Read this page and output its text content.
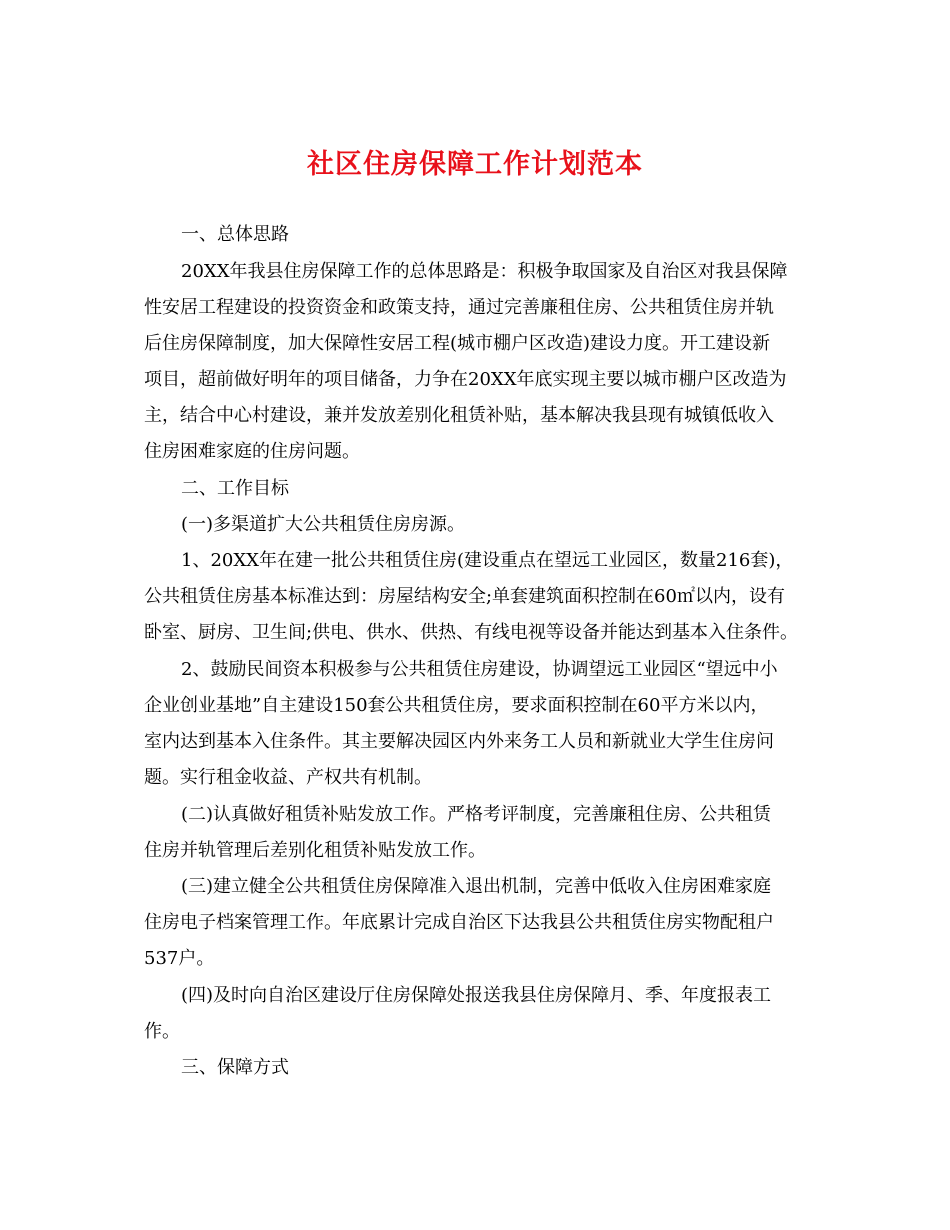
社区住房保障工作计划范本
一、总体思路
20XX年我县住房保障工作的总体思路是：积极争取国家及自治区对我县保障
性安居工程建设的投资资金和政策支持，通过完善廉租住房、公共租赁住房并轨
后住房保障制度，加大保障性安居工程(城市棚户区改造)建设力度。开工建设新
项目，超前做好明年的项目储备，力争在20XX年底实现主要以城市棚户区改造为
主，结合中心村建设，兼并发放差别化租赁补贴，基本解决我县现有城镇低收入
住房困难家庭的住房问题。
二、工作目标
(一)多渠道扩大公共租赁住房房源。
1、20XX年在建一批公共租赁住房(建设重点在望远工业园区，数量216套)，
公共租赁住房基本标准达到：房屋结构安全;单套建筑面积控制在60㎡以内，设有
卧室、厨房、卫生间;供电、供水、供热、有线电视等设备并能达到基本入住条件。
2、鼓励民间资本积极参与公共租赁住房建设，协调望远工业园区“望远中小
企业创业基地”自主建设150套公共租赁住房，要求面积控制在60平方米以内，
室内达到基本入住条件。其主要解决园区内外来务工人员和新就业大学生住房问
题。实行租金收益、产权共有机制。
(二)认真做好租赁补贴发放工作。严格考评制度，完善廉租住房、公共租赁
住房并轨管理后差别化租赁补贴发放工作。
(三)建立健全公共租赁住房保障准入退出机制，完善中低收入住房困难家庭
住房电子档案管理工作。年底累计完成自治区下达我县公共租赁住房实物配租户
537户。
(四)及时向自治区建设厅住房保障处报送我县住房保障月、季、年度报表工
作。
三、保障方式
